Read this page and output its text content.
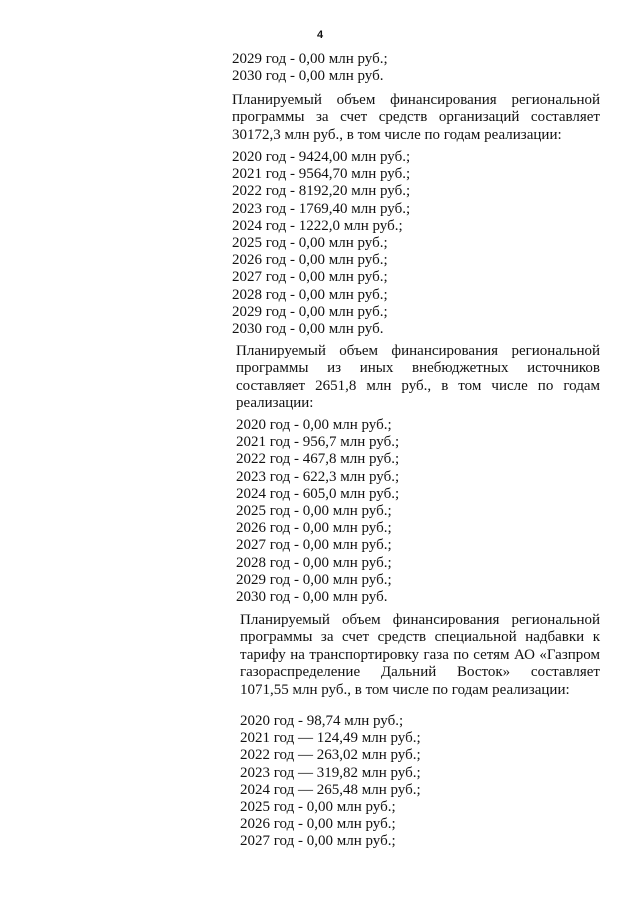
4
2029 год - 0,00 млн руб.;
2030 год - 0,00 млн руб.

Планируемый объем финансирования региональной программы за счет средств организаций составляет 30172,3 млн руб., в том числе по годам реализации:

2020 год - 9424,00 млн руб.;
2021 год - 9564,70 млн руб.;
2022 год - 8192,20 млн руб.;
2023 год - 1769,40 млн руб.;
2024 год - 1222,0 млн руб.;
2025 год - 0,00 млн руб.;
2026 год - 0,00 млн руб.;
2027 год - 0,00 млн руб.;
2028 год - 0,00 млн руб.;
2029 год - 0,00 млн руб.;
2030 год - 0,00 млн руб.

Планируемый объем финансирования региональной программы из иных внебюджетных источников составляет 2651,8 млн руб., в том числе по годам реализации:

2020 год - 0,00 млн руб.;
2021 год - 956,7 млн руб.;
2022 год - 467,8 млн руб.;
2023 год - 622,3 млн руб.;
2024 год - 605,0 млн руб.;
2025 год - 0,00 млн руб.;
2026 год - 0,00 млн руб.;
2027 год - 0,00 млн руб.;
2028 год - 0,00 млн руб.;
2029 год - 0,00 млн руб.;
2030 год - 0,00 млн руб.

Планируемый объем финансирования региональной программы за счет средств специальной надбавки к тарифу на транспортировку газа по сетям АО «Газпром газораспределение Дальний Восток» составляет 1071,55 млн руб., в том числе по годам реализации:

2020 год - 98,74 млн руб.;
2021 год — 124,49 млн руб.;
2022 год — 263,02 млн руб.;
2023 год — 319,82 млн руб.;
2024 год — 265,48 млн руб.;
2025 год - 0,00 млн руб.;
2026 год - 0,00 млн руб.;
2027 год - 0,00 млн руб.;
